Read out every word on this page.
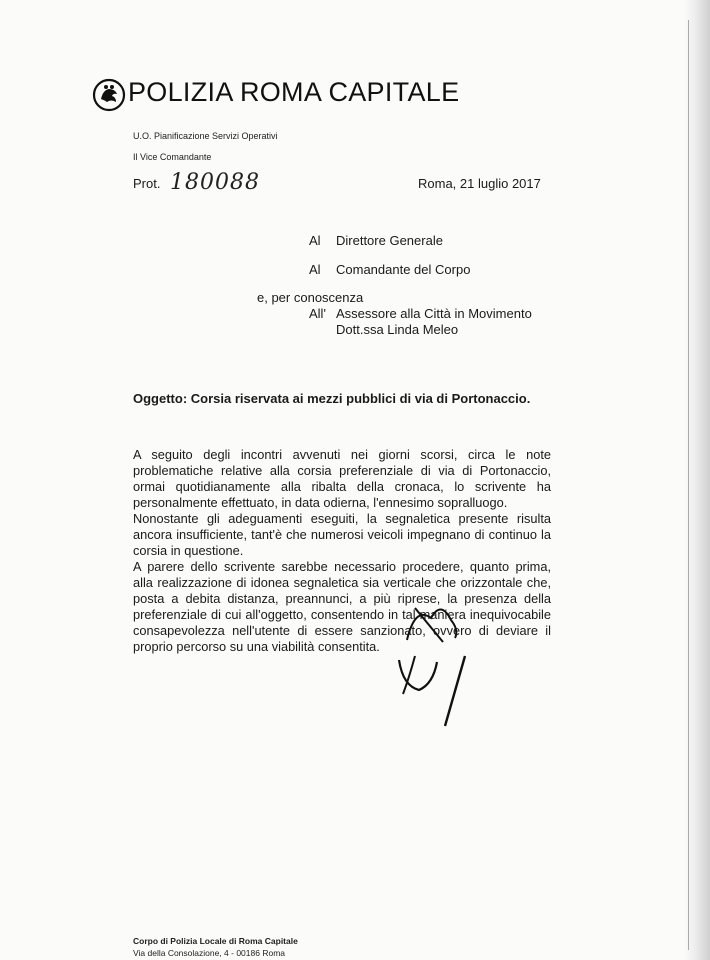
POLIZIA ROMA CAPITALE
U.O. Pianificazione Servizi Operativi
Il Vice Comandante
Prot. 180088	Roma, 21 luglio 2017
Al Direttore Generale
Al Comandante del Corpo
e, per conoscenza
All' Assessore alla Città in Movimento
Dott.ssa Linda Meleo
Oggetto: Corsia riservata ai mezzi pubblici di via di Portonaccio.

A seguito degli incontri avvenuti nei giorni scorsi, circa le note problematiche relative alla corsia preferenziale di via di Portonaccio, ormai quotidianamente alla ribalta della cronaca, lo scrivente ha personalmente effettuato, in data odierna, l'ennesimo sopralluogo.

Nonostante gli adeguamenti eseguiti, la segnaletica presente risulta ancora insufficiente, tant'è che numerosi veicoli impegnano di continuo la corsia in questione.

A parere dello scrivente sarebbe necessario procedere, quanto prima, alla realizzazione di idonea segnaletica sia verticale che orizzontale che, posta a debita distanza, preannunci, a più riprese, la presenza della preferenziale di cui all'oggetto, consentendo in tal maniera inequivocabile consapevolezza nell'utente di essere sanzionato, ovvero di deviare il proprio percorso su una viabilità consentita.

Corpo di Polizia Locale di Roma Capitale
Via della Consolazione, 4 - 00186 Roma
